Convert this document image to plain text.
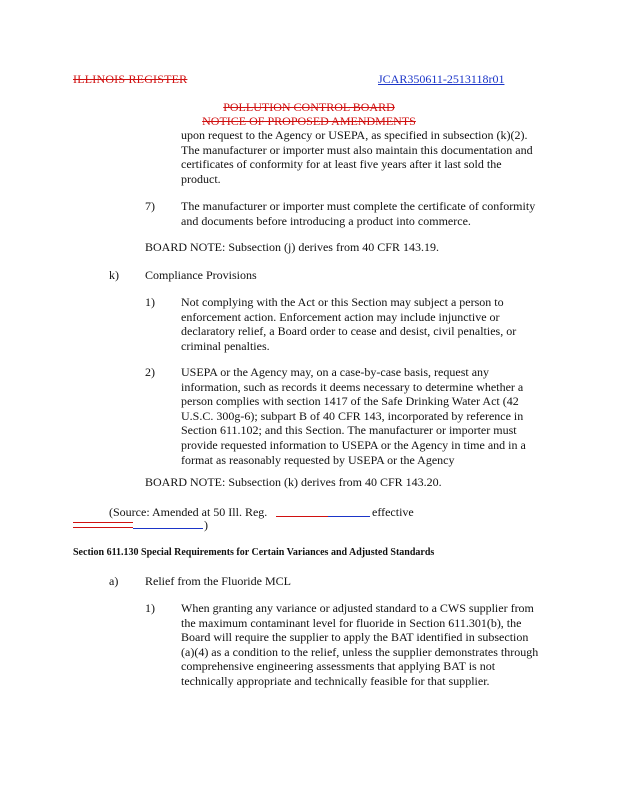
ILLINOIS REGISTER	JCAR350611-2513118r01
POLLUTION CONTROL BOARD
NOTICE OF PROPOSED AMENDMENTS
upon request to the Agency or USEPA, as specified in subsection (k)(2).
The manufacturer or importer must also maintain this documentation and
certificates of conformity for at least five years after it last sold the
product.
7) The manufacturer or importer must complete the certificate of conformity
and documents before introducing a product into commerce.
BOARD NOTE: Subsection (j) derives from 40 CFR 143.19.
k) Compliance Provisions
1) Not complying with the Act or this Section may subject a person to
enforcement action. Enforcement action may include injunctive or
declaratory relief, a Board order to cease and desist, civil penalties, or
criminal penalties.
2) USEPA or the Agency may, on a case-by-case basis, request any
information, such as records it deems necessary to determine whether a
person complies with section 1417 of the Safe Drinking Water Act (42
U.S.C. 300g-6); subpart B of 40 CFR 143, incorporated by reference in
Section 611.102; and this Section. The manufacturer or importer must
provide requested information to USEPA or the Agency in time and in a
format as reasonably requested by USEPA or the Agency
BOARD NOTE: Subsection (k) derives from 40 CFR 143.20.
(Source: Amended at 50 Ill. Reg.	effective
)
Section 611.130 Special Requirements for Certain Variances and Adjusted Standards
a) Relief from the Fluoride MCL
1) When granting any variance or adjusted standard to a CWS supplier from
the maximum contaminant level for fluoride in Section 611.301(b), the
Board will require the supplier to apply the BAT identified in subsection
(a)(4) as a condition to the relief, unless the supplier demonstrates through
comprehensive engineering assessments that applying BAT is not
technically appropriate and technically feasible for that supplier.
